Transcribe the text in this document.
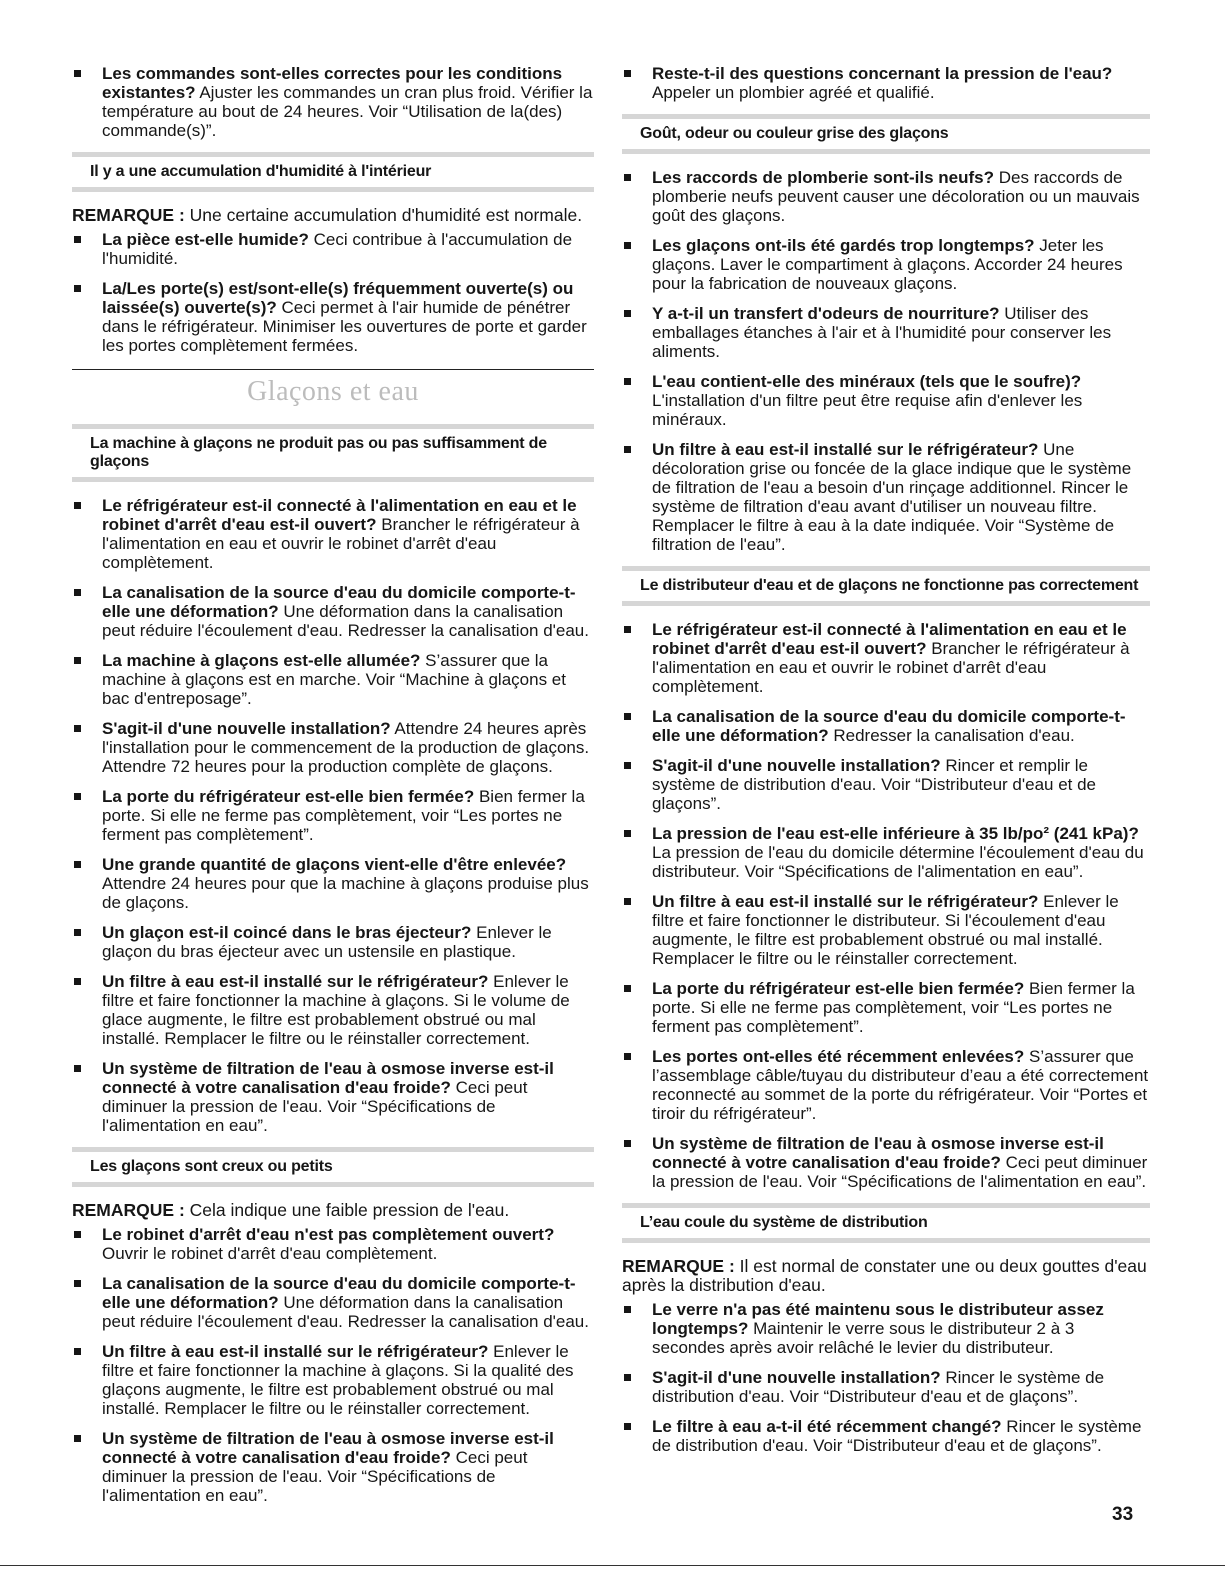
Les commandes sont-elles correctes pour les conditions existantes? Ajuster les commandes un cran plus froid. Vérifier la température au bout de 24 heures. Voir “Utilisation de la(des) commande(s)”.

Il y a une accumulation d'humidité à l'intérieur

REMARQUE : Une certaine accumulation d'humidité est normale.

La pièce est-elle humide? Ceci contribue à l'accumulation de l'humidité.

La/Les porte(s) est/sont-elle(s) fréquemment ouverte(s) ou laissée(s) ouverte(s)? Ceci permet à l'air humide de pénétrer dans le réfrigérateur. Minimiser les ouvertures de porte et garder les portes complètement fermées.

Glaçons et eau
La machine à glaçons ne produit pas ou pas suffisamment de glaçons

Le réfrigérateur est-il connecté à l'alimentation en eau et le robinet d'arrêt d'eau est-il ouvert? Brancher le réfrigérateur à l'alimentation en eau et ouvrir le robinet d'arrêt d'eau complètement.

La canalisation de la source d'eau du domicile comporte-t-elle une déformation? Une déformation dans la canalisation peut réduire l'écoulement d'eau. Redresser la canalisation d'eau.

La machine à glaçons est-elle allumée? S’assurer que la machine à glaçons est en marche. Voir “Machine à glaçons et bac d'entreposage”.

S'agit-il d'une nouvelle installation? Attendre 24 heures après l'installation pour le commencement de la production de glaçons. Attendre 72 heures pour la production complète de glaçons.

La porte du réfrigérateur est-elle bien fermée? Bien fermer la porte. Si elle ne ferme pas complètement, voir “Les portes ne ferment pas complètement”.

Une grande quantité de glaçons vient-elle d'être enlevée? Attendre 24 heures pour que la machine à glaçons produise plus de glaçons.

Un glaçon est-il coincé dans le bras éjecteur? Enlever le glaçon du bras éjecteur avec un ustensile en plastique.

Un filtre à eau est-il installé sur le réfrigérateur? Enlever le filtre et faire fonctionner la machine à glaçons. Si le volume de glace augmente, le filtre est probablement obstrué ou mal installé. Remplacer le filtre ou le réinstaller correctement.

Un système de filtration de l'eau à osmose inverse est-il connecté à votre canalisation d'eau froide? Ceci peut diminuer la pression de l'eau. Voir “Spécifications de l'alimentation en eau”.

Les glaçons sont creux ou petits

REMARQUE : Cela indique une faible pression de l'eau.

Le robinet d'arrêt d'eau n'est pas complètement ouvert? Ouvrir le robinet d'arrêt d'eau complètement.

La canalisation de la source d'eau du domicile comporte-t-elle une déformation? Une déformation dans la canalisation peut réduire l'écoulement d'eau. Redresser la canalisation d'eau.

Un filtre à eau est-il installé sur le réfrigérateur? Enlever le filtre et faire fonctionner la machine à glaçons. Si la qualité des glaçons augmente, le filtre est probablement obstrué ou mal installé. Remplacer le filtre ou le réinstaller correctement.

Un système de filtration de l'eau à osmose inverse est-il connecté à votre canalisation d'eau froide? Ceci peut diminuer la pression de l'eau. Voir “Spécifications de l'alimentation en eau”.

Reste-t-il des questions concernant la pression de l'eau? Appeler un plombier agréé et qualifié.

Goût, odeur ou couleur grise des glaçons

Les raccords de plomberie sont-ils neufs? Des raccords de plomberie neufs peuvent causer une décoloration ou un mauvais goût des glaçons.

Les glaçons ont-ils été gardés trop longtemps? Jeter les glaçons. Laver le compartiment à glaçons. Accorder 24 heures pour la fabrication de nouveaux glaçons.

Y a-t-il un transfert d'odeurs de nourriture? Utiliser des emballages étanches à l'air et à l'humidité pour conserver les aliments.

L'eau contient-elle des minéraux (tels que le soufre)? L'installation d'un filtre peut être requise afin d'enlever les minéraux.

Un filtre à eau est-il installé sur le réfrigérateur? Une décoloration grise ou foncée de la glace indique que le système de filtration de l'eau a besoin d'un rinçage additionnel. Rincer le système de filtration d'eau avant d'utiliser un nouveau filtre. Remplacer le filtre à eau à la date indiquée. Voir “Système de filtration de l'eau”.

Le distributeur d'eau et de glaçons ne fonctionne pas correctement

Le réfrigérateur est-il connecté à l'alimentation en eau et le robinet d'arrêt d'eau est-il ouvert? Brancher le réfrigérateur à l'alimentation en eau et ouvrir le robinet d'arrêt d'eau complètement.

La canalisation de la source d'eau du domicile comporte-t-elle une déformation? Redresser la canalisation d'eau.

S'agit-il d'une nouvelle installation? Rincer et remplir le système de distribution d'eau. Voir “Distributeur d'eau et de glaçons”.

La pression de l'eau est-elle inférieure à 35 lb/po² (241 kPa)? La pression de l'eau du domicile détermine l'écoulement d'eau du distributeur. Voir “Spécifications de l'alimentation en eau”.

Un filtre à eau est-il installé sur le réfrigérateur? Enlever le filtre et faire fonctionner le distributeur. Si l'écoulement d'eau augmente, le filtre est probablement obstrué ou mal installé. Remplacer le filtre ou le réinstaller correctement.

La porte du réfrigérateur est-elle bien fermée? Bien fermer la porte. Si elle ne ferme pas complètement, voir “Les portes ne ferment pas complètement”.

Les portes ont-elles été récemment enlevées? S’assurer que l’assemblage câble/tuyau du distributeur d’eau a été correctement reconnecté au sommet de la porte du réfrigérateur. Voir “Portes et tiroir du réfrigérateur”.

Un système de filtration de l'eau à osmose inverse est-il connecté à votre canalisation d'eau froide? Ceci peut diminuer la pression de l'eau. Voir “Spécifications de l'alimentation en eau”.

L’eau coule du système de distribution

REMARQUE : Il est normal de constater une ou deux gouttes d'eau après la distribution d'eau.

Le verre n'a pas été maintenu sous le distributeur assez longtemps? Maintenir le verre sous le distributeur 2 à 3 secondes après avoir relâché le levier du distributeur.

S'agit-il d'une nouvelle installation? Rincer le système de distribution d'eau. Voir “Distributeur d'eau et de glaçons”.

Le filtre à eau a-t-il été récemment changé? Rincer le système de distribution d'eau. Voir “Distributeur d'eau et de glaçons”.

33
